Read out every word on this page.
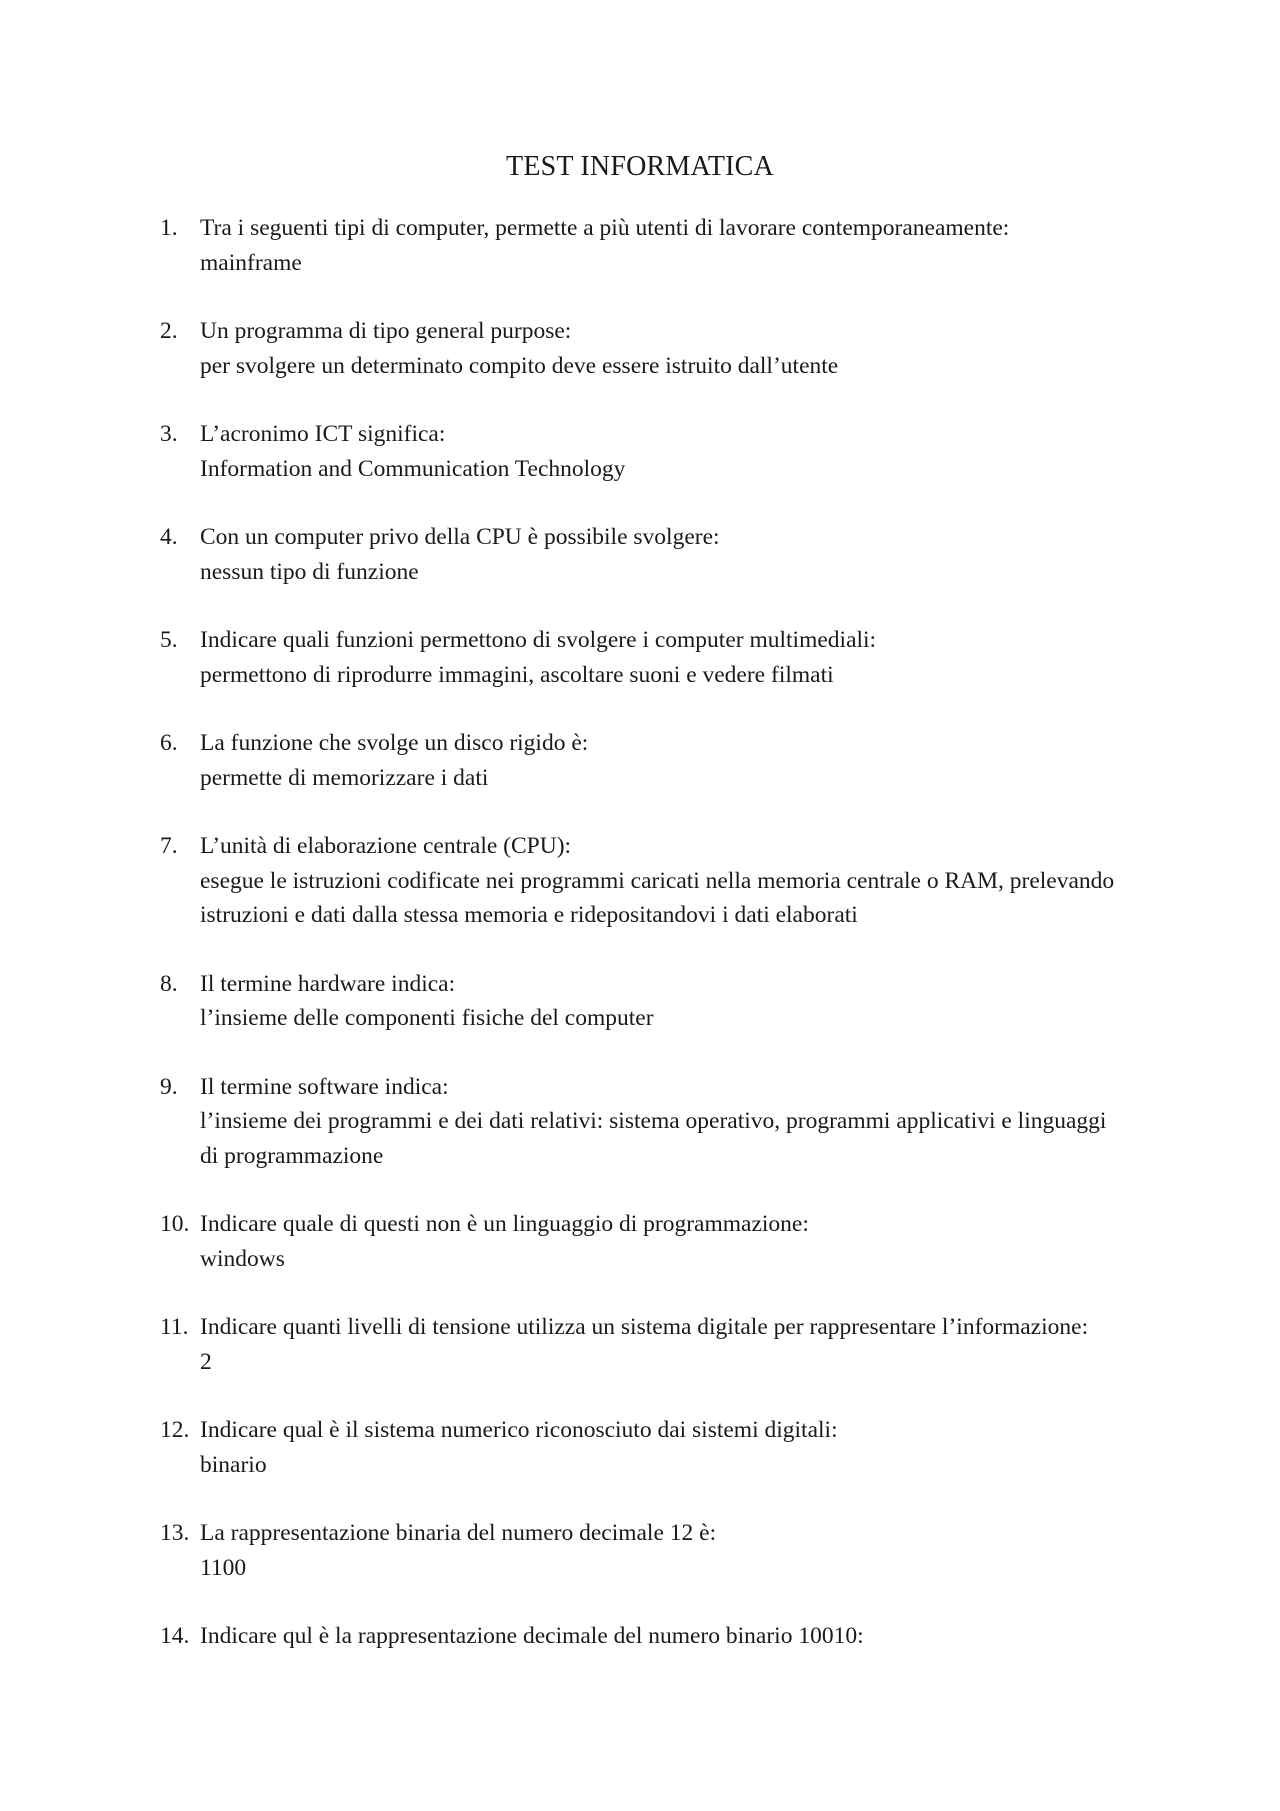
TEST INFORMATICA
1. Tra i seguenti tipi di computer, permette a più utenti di lavorare contemporaneamente:
mainframe
2. Un programma di tipo general purpose:
per svolgere un determinato compito deve essere istruito dall’utente
3. L’acronimo ICT significa:
Information and Communication Technology
4. Con un computer privo della CPU è possibile svolgere:
nessun tipo di funzione
5. Indicare quali funzioni permettono di svolgere i computer multimediali:
permettono di riprodurre immagini, ascoltare suoni e vedere filmati
6. La funzione che svolge un disco rigido è:
permette di memorizzare i dati
7. L’unità di elaborazione centrale (CPU):
esegue le istruzioni codificate nei programmi caricati nella memoria centrale o RAM, prelevando istruzioni e dati dalla stessa memoria e ridepositandovi i dati elaborati
8. Il termine hardware indica:
l’insieme delle componenti fisiche del computer
9. Il termine software indica:
l’insieme dei programmi e dei dati relativi: sistema operativo, programmi applicativi e linguaggi di programmazione
10. Indicare quale di questi non è un linguaggio di programmazione:
windows
11. Indicare quanti livelli di tensione utilizza un sistema digitale per rappresentare l’informazione:
2
12. Indicare qual è il sistema numerico riconosciuto dai sistemi digitali:
binario
13. La rappresentazione binaria del numero decimale 12 è:
1100
14. Indicare qul è la rappresentazione decimale del numero binario 10010:
